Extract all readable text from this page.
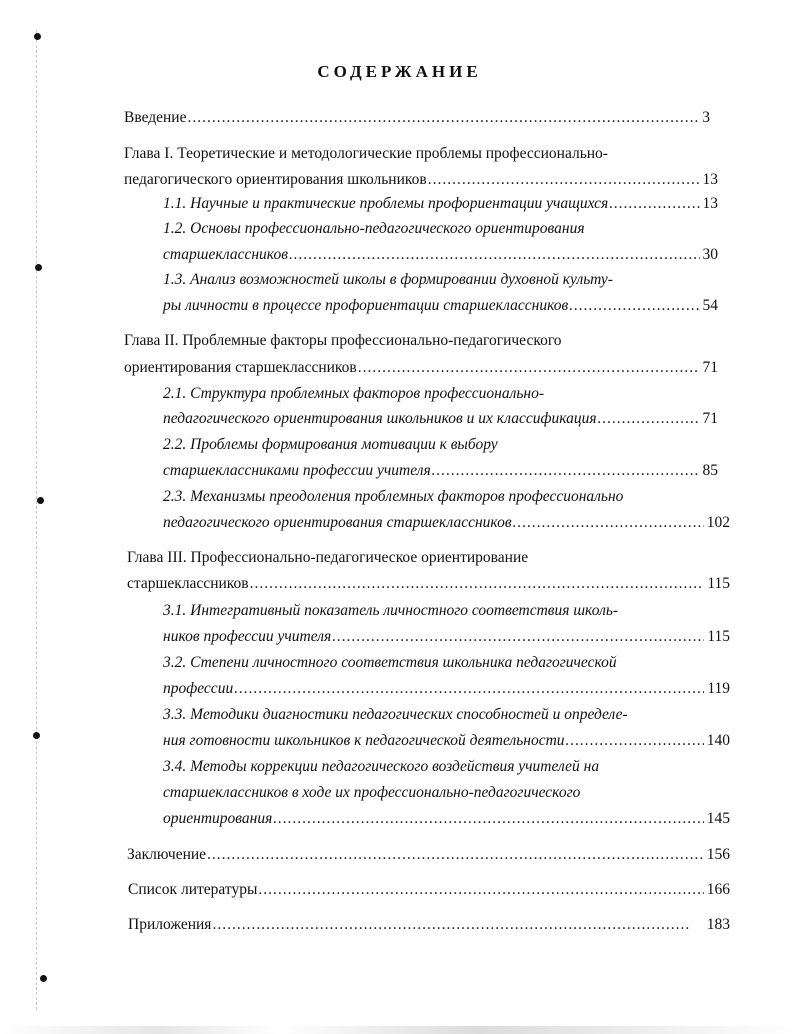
СОДЕРЖАНИЕ
Введение .....	3
Глава I. Теоретические и методологические проблемы профессионально-
педагогического ориентирования школьников .....	13
1.1. Научные и практические проблемы профориентации учащихся .....	13
1.2. Основы профессионально-педагогического ориентирования
старшеклассников .....	30
1.3. Анализ возможностей школы в формировании духовной культу-
ры личности в процессе профориентации старшеклассников .....	54
Глава II. Проблемные факторы профессионально-педагогического
ориентирования старшеклассников .....	71
2.1. Структура проблемных факторов профессионально-
педагогического ориентирования школьников и их классификация .....	71
2.2. Проблемы формирования мотивации к выбору
старшеклассниками профессии учителя .....	85
2.3. Механизмы преодоления проблемных факторов профессионально
педагогического ориентирования старшеклассников .....	102
Глава III. Профессионально-педагогическое ориентирование
старшеклассников .....	115
3.1. Интегративный показатель личностного соответствия школь-
ников профессии учителя .....	115
3.2. Степени личностного соответствия школьника педагогической
профессии .....	119
3.3. Методики диагностики педагогических способностей и определе-
ния готовности школьников к педагогической деятельности .....	140
3.4. Методы коррекции педагогического воздействия учителей на
старшеклассников в ходе их профессионально-педагогического
ориентирования .....	145
Заключение .....	156
Список литературы .....	166
Приложения .....	183
